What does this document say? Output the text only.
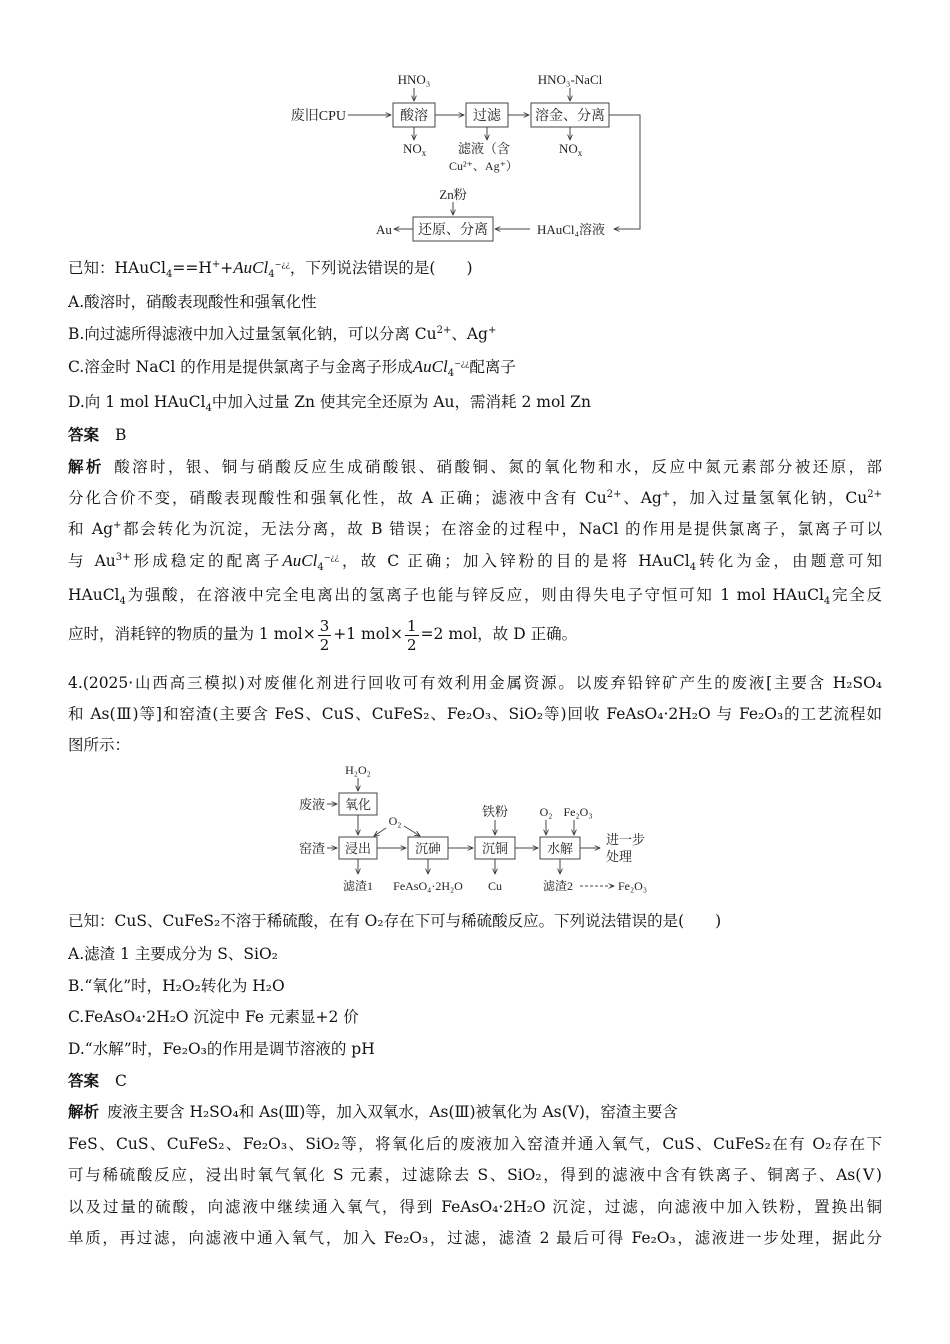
HNO₃	HNO₃-NaCl
废旧CPU	酸溶	过滤 溶金、分离
$NO_x$ 滤液（含
Cu²⁺、Ag⁺）
$NO_x$
Zn粉
Au 还原、分离	HAuCl₄溶液
已知：HAuCl$_4$==H++AuCl$_4$−¿¿，下列说法错误的是(　　)
A.酸溶时，硝酸表现酸性和强氧化性
B.向过滤所得滤液中加入过量氢氧化钠，可以分离 $Cu^{2+}$、Ag+
C.溶金时 NaCl 的作用是提供氯离子与金离子形成AuCl$_4$−¿¿配离子
D.向 1 mol HAuCl$_4$中加入过量 Zn 使其完全还原为 Au，需消耗 2 mol Zn
答案 B
解析 酸溶时，银、铜与硝酸反应生成硝酸银、硝酸铜、氮的氧化物和水，反应中氮元素部分被还原，部
分化合价不变，硝酸表现酸性和强氧化性，故 A 正确；滤液中含有 $Cu^{2+}$、Ag+，加入过量氢氧化钠，$Cu^{2+}$
和 Ag+都会转化为沉淀，无法分离，故 B 错误；在溶金的过程中，NaCl 的作用是提供氯离子，氯离子可以
与 $Au^{3+}$形成稳定的配离子AuCl$_4$−¿¿，故 C 正确；加入锌粉的目的是将 HAuCl$_4$转化为金，由题意可知
HAuCl$_4$为强酸，在溶液中完全电离出的氢离子也能与锌反应，则由得失电子守恒可知 1 mol HAuCl$_4$完全反
应时，消耗锌的物质的量为 1 $mol\times \frac{3}{2} +1$ $mol\times \frac{1}{2} =2$ mol，故 D 正确。
4.(2025·山西高三模拟)对废催化剂进行回收可有效利用金属资源。以废弃铅锌矿产生的废液[主要含 H₂SO₄
和 As(Ⅲ)等]和窑渣(主要含 FeS、CuS、CuFeS₂、Fe₂O₃、SiO₂等)回收 FeAsO₄·2H₂O 与 Fe₂O₃的工艺流程如
图所示：
H₂O₂
废液 氧化
O₂
铁粉	O₂ Fe₂O₃
窑渣 浸出	沉砷	沉铜	水解
进一步
处理
滤渣1 FeAsO₄·2H₂O Cu	滤渣2	Fe₂O₃
已知：CuS、CuFeS₂不溶于稀硫酸，在有 O₂存在下可与稀硫酸反应。下列说法错误的是(　　)
A.滤渣 1 主要成分为 S、SiO₂
B.“氧化”时，H₂O₂转化为 H₂O
C.FeAsO₄·2H₂O 沉淀中 Fe 元素显+2 价
D.“水解”时，Fe₂O₃的作用是调节溶液的 pH
答案 C
解析 废液主要含 H₂SO₄和 As(Ⅲ)等，加入双氧水，As(Ⅲ)被氧化为 As(Ⅴ)，窑渣主要含
FeS、CuS、CuFeS₂、Fe₂O₃、SiO₂等，将氧化后的废液加入窑渣并通入氧气，CuS、CuFeS₂在有 O₂存在下
可与稀硫酸反应，浸出时氧气氧化 S 元素，过滤除去 S、SiO₂，得到的滤液中含有铁离子、铜离子、As(Ⅴ)
以及过量的硫酸，向滤液中继续通入氧气，得到 FeAsO₄·2H₂O 沉淀，过滤，向滤液中加入铁粉，置换出铜
单质，再过滤，向滤液中通入氧气，加入 Fe₂O₃，过滤，滤渣 2 最后可得 Fe₂O₃，滤液进一步处理，据此分
